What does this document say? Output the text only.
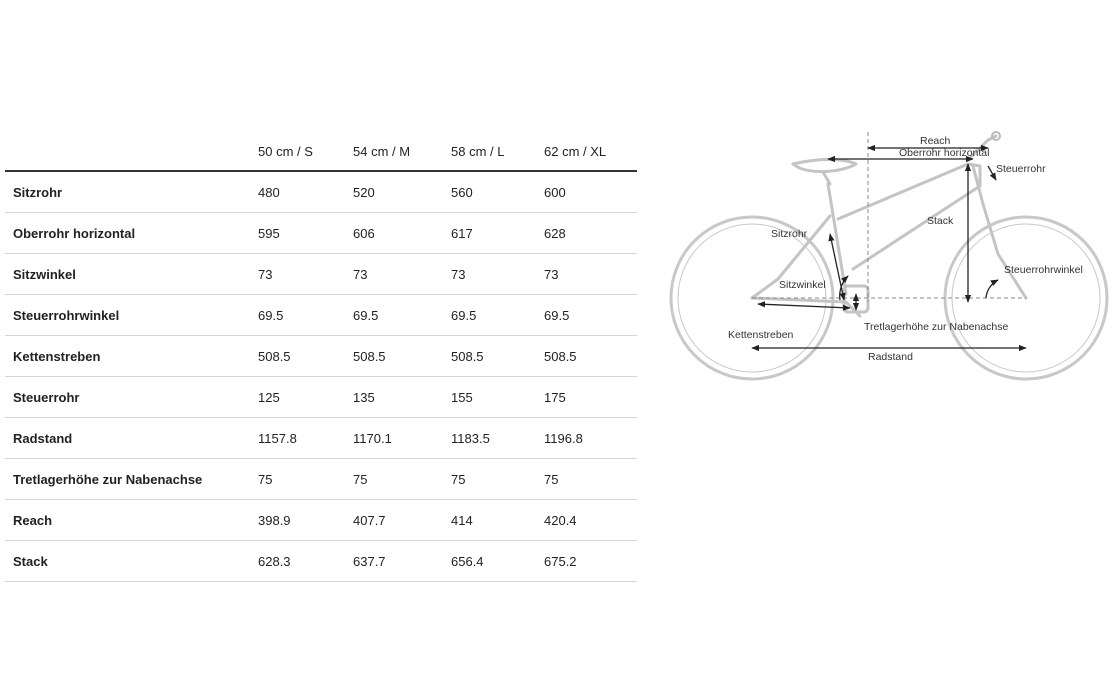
	50 cm / S	54 cm / M	58 cm / L	62 cm / XL
Sitzrohr	480	520	560	600
Oberrohr horizontal	595	606	617	628
Sitzwinkel	73	73	73	73
Steuerrohrwinkel	69.5	69.5	69.5	69.5
Kettenstreben	508.5	508.5	508.5	508.5
Steuerrohr	125	135	155	175
Radstand	1157.8	1170.1	1183.5	1196.8
Tretlagerhöhe zur Nabenachse	75	75	75	75
Reach	398.9	407.7	414	420.4
Stack	628.3	637.7	656.4	675.2
Reach
Oberrohr horizontal
Steuerrohr
Stack
Sitzrohr
Sitzwinkel
Steuerrohrwinkel
Tretlagerhöhe zur Nabenachse
Kettenstreben
Radstand
